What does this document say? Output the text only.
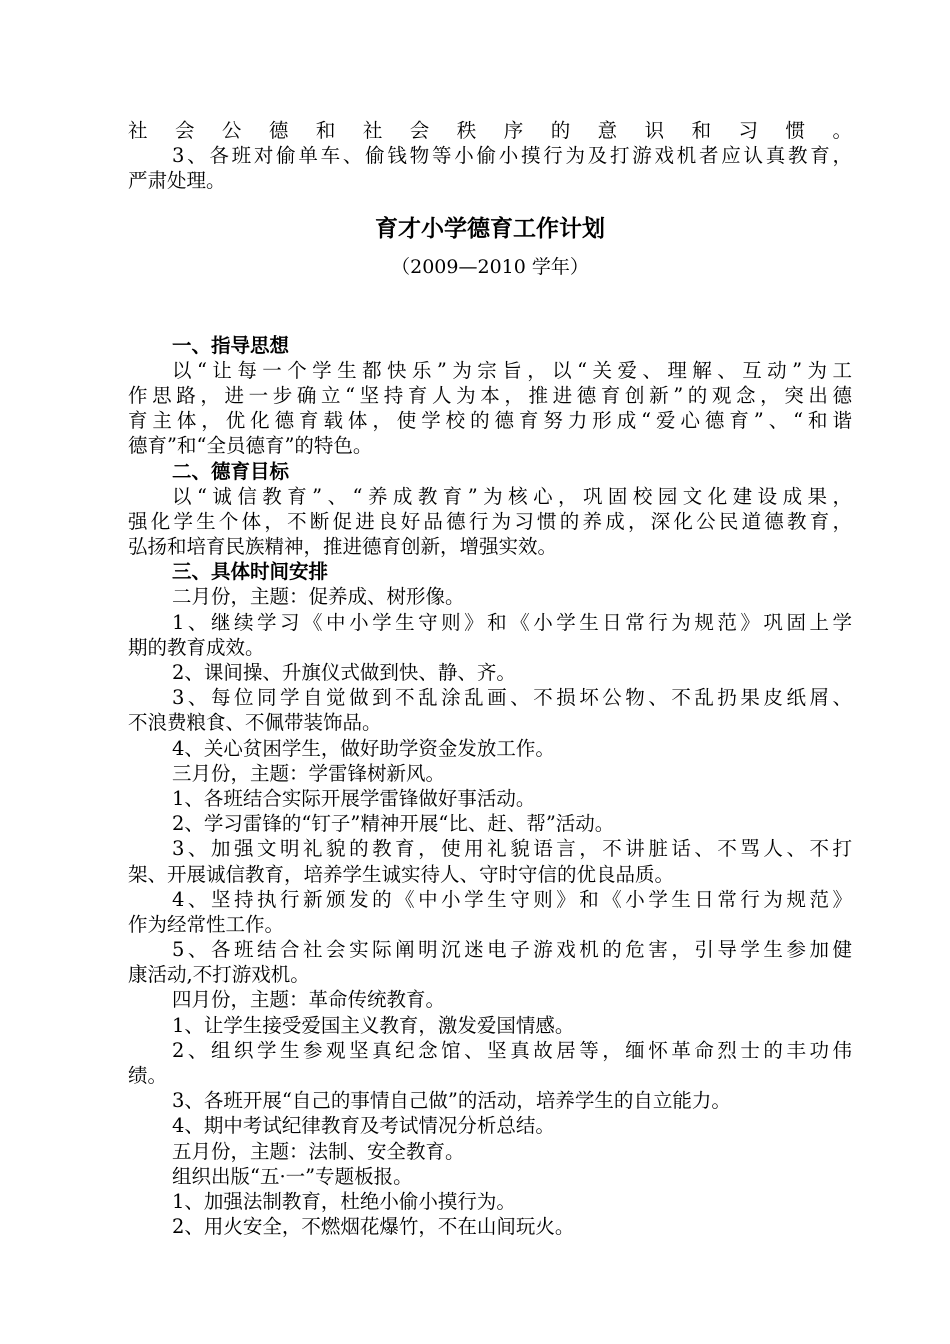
社会公德和社会秩序的意识和习惯。
3、各班对偷单车、偷钱物等小偷小摸行为及打游戏机者应认真教育，
严肃处理。
育才小学德育工作计划
（2009—2010 学年）
一、指导思想
以“让每一个学生都快乐”为宗旨，以“关爱、理解、互动”为工
作思路，进一步确立“坚持育人为本，推进德育创新”的观念，突出德
育主体，优化德育载体，使学校的德育努力形成“爱心德育”、“和谐
德育”和“全员德育”的特色。
二、德育目标
以“诚信教育”、“养成教育”为核心，巩固校园文化建设成果，
强化学生个体，不断促进良好品德行为习惯的养成，深化公民道德教育，
弘扬和培育民族精神，推进德育创新，增强实效。
三、具体时间安排
二月份，主题：促养成、树形像。
1、继续学习《中小学生守则》和《小学生日常行为规范》巩固上学
期的教育成效。
2、课间操、升旗仪式做到快、静、齐。
3、每位同学自觉做到不乱涂乱画、不损坏公物、不乱扔果皮纸屑、
不浪费粮食、不佩带装饰品。
4、关心贫困学生，做好助学资金发放工作。
三月份，主题：学雷锋树新风。
1、各班结合实际开展学雷锋做好事活动。
2、学习雷锋的“钉子”精神开展“比、赶、帮”活动。
3、加强文明礼貌的教育，使用礼貌语言，不讲脏话、不骂人、不打
架、开展诚信教育，培养学生诚实待人、守时守信的优良品质。
4、坚持执行新颁发的《中小学生守则》和《小学生日常行为规范》
作为经常性工作。
5、各班结合社会实际阐明沉迷电子游戏机的危害，引导学生参加健
康活动,不打游戏机。
四月份，主题：革命传统教育。
1、让学生接受爱国主义教育，激发爱国情感。
2、组织学生参观坚真纪念馆、坚真故居等，缅怀革命烈士的丰功伟
绩。
3、各班开展“自己的事情自己做”的活动，培养学生的自立能力。
4、期中考试纪律教育及考试情况分析总结。
五月份，主题：法制、安全教育。
组织出版“五·一”专题板报。
1、加强法制教育，杜绝小偷小摸行为。
2、用火安全，不燃烟花爆竹，不在山间玩火。
